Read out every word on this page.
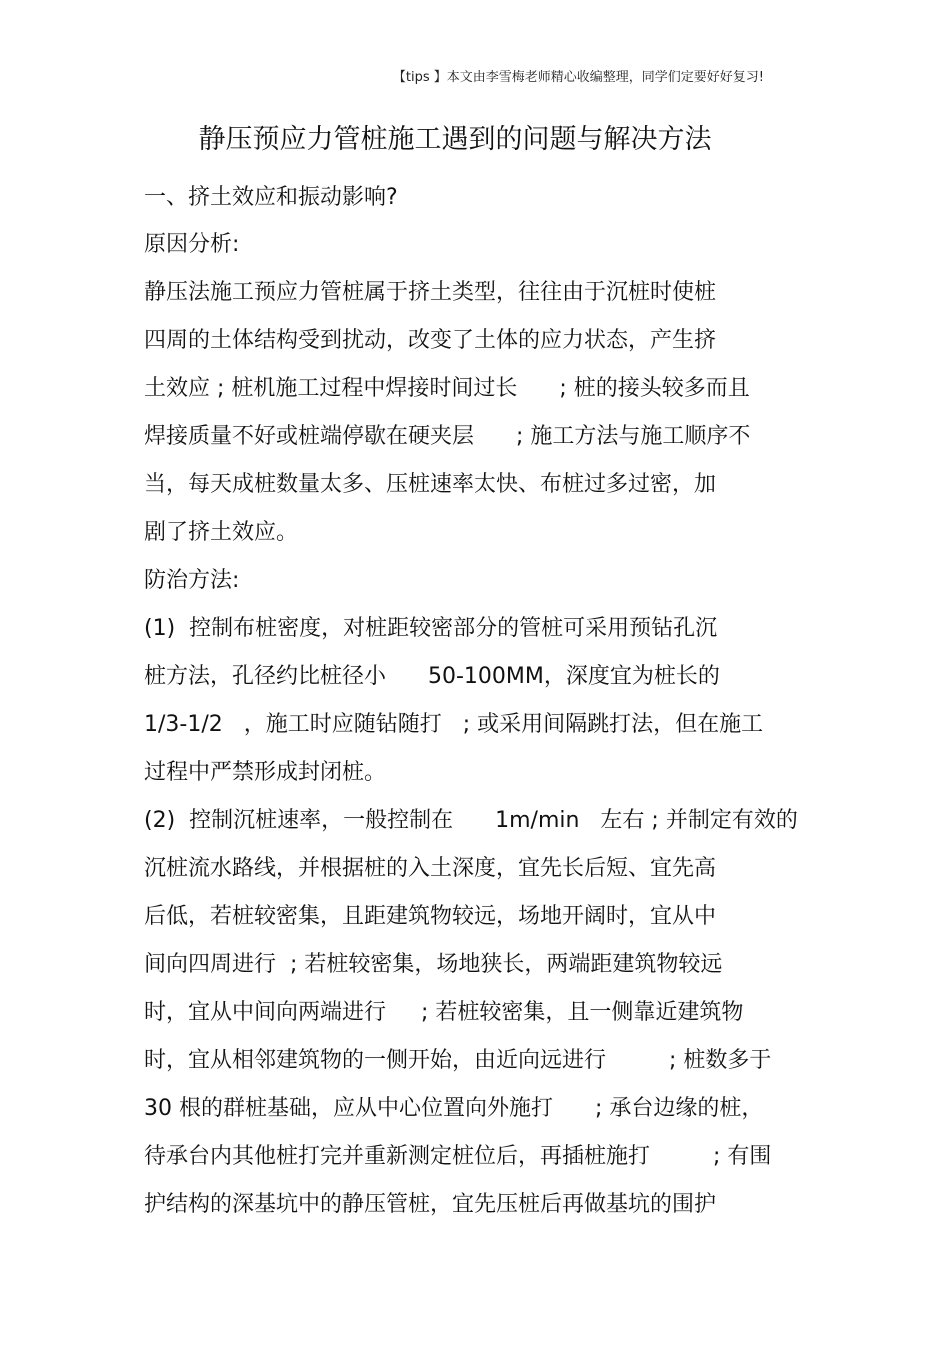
【tips 】本文由李雪梅老师精心收编整理，同学们定要好好复习!
静压预应力管桩施工遇到的问题与解决方法
一、挤土效应和振动影响?
原因分析:
静压法施工预应力管桩属于挤土类型，往往由于沉桩时使桩
四周的土体结构受到扰动，改变了土体的应力状态，产生挤
土效应 ; 桩机施工过程中焊接时间过长      ; 桩的接头较多而且
焊接质量不好或桩端停歇在硬夹层      ; 施工方法与施工顺序不
当，每天成桩数量太多、压桩速率太快、布桩过多过密，加
剧了挤土效应。
防治方法:
(1)  控制布桩密度，对桩距较密部分的管桩可采用预钻孔沉
桩方法，孔径约比桩径小      50-100MM，深度宜为桩长的
1/3-1/2   ，施工时应随钻随打   ; 或采用间隔跳打法，但在施工
过程中严禁形成封闭桩。
(2)  控制沉桩速率，一般控制在      1m/min   左右 ; 并制定有效的
沉桩流水路线，并根据桩的入土深度，宜先长后短、宜先高
后低，若桩较密集，且距建筑物较远，场地开阔时，宜从中
间向四周进行  ; 若桩较密集，场地狭长，两端距建筑物较远
时，宜从中间向两端进行     ; 若桩较密集，且一侧靠近建筑物
时，宜从相邻建筑物的一侧开始，由近向远进行         ; 桩数多于
30 根的群桩基础，应从中心位置向外施打      ; 承台边缘的桩，
待承台内其他桩打完并重新测定桩位后，再插桩施打         ; 有围
护结构的深基坑中的静压管桩，宜先压桩后再做基坑的围护
